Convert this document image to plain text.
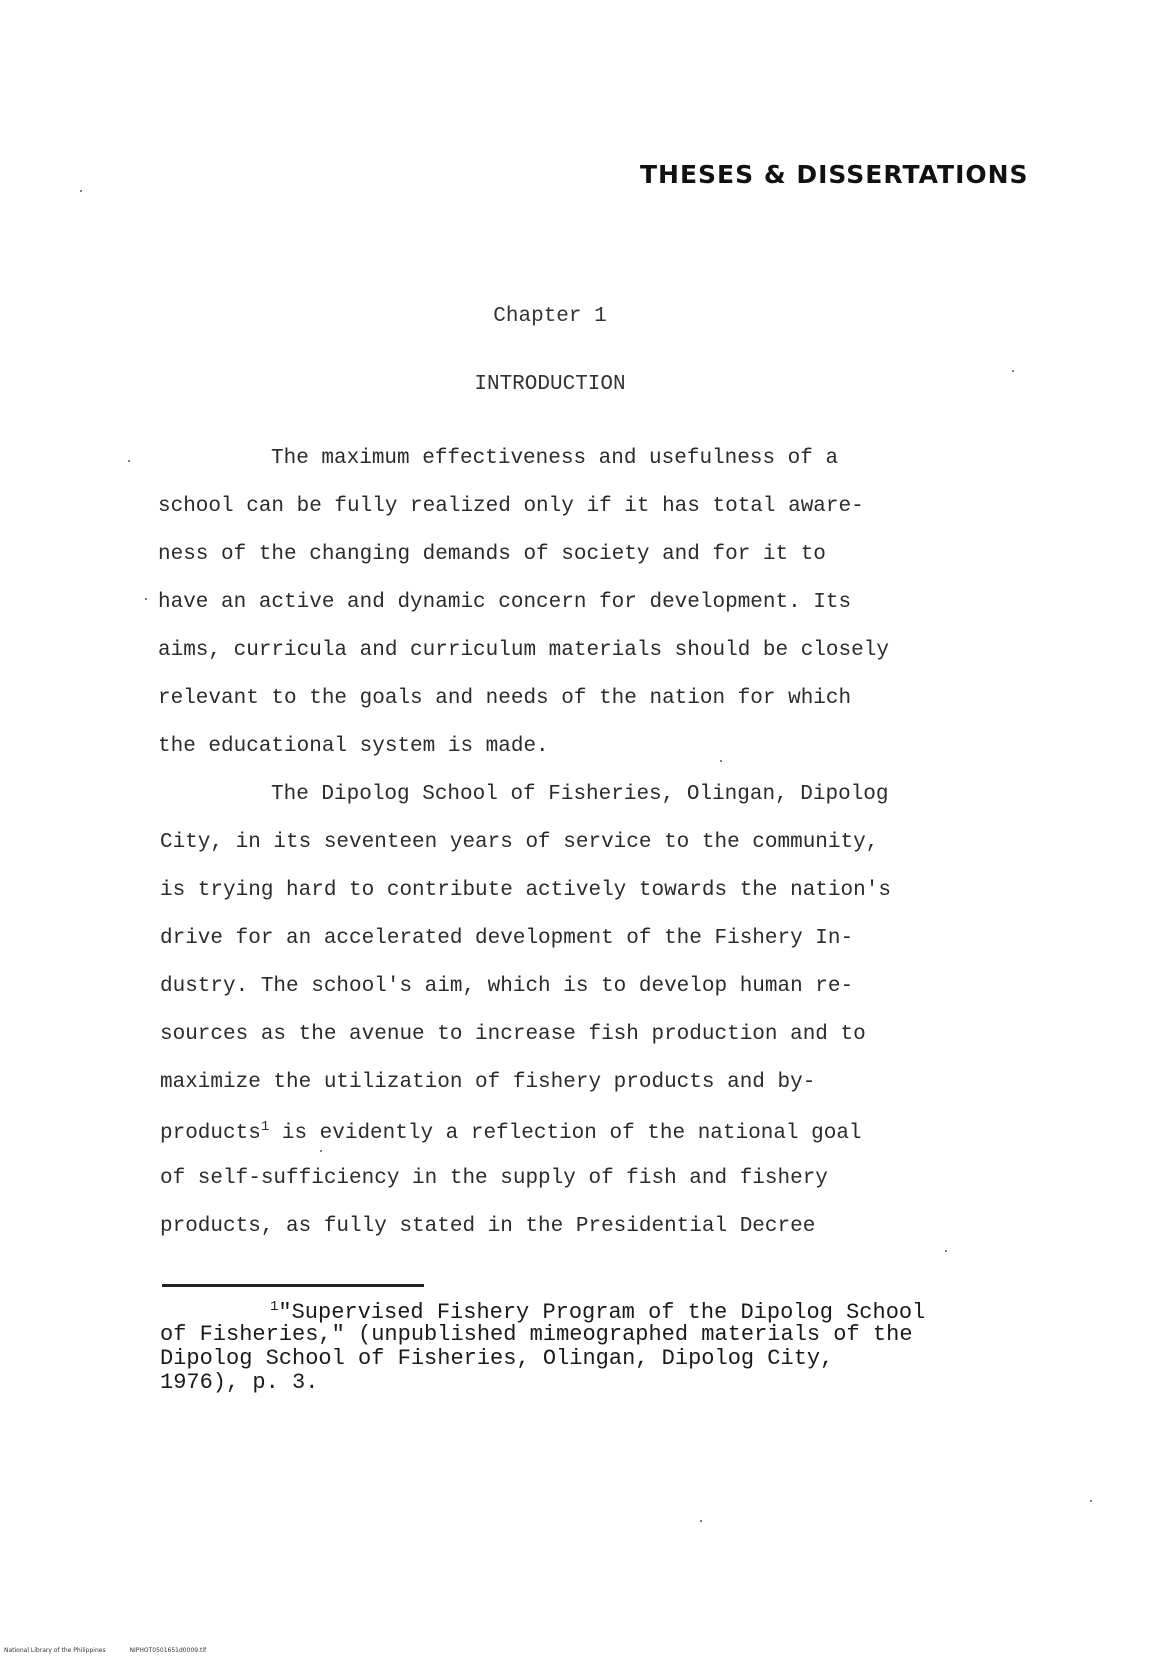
THESES & DISSERTATIONS
Chapter 1
INTRODUCTION
The maximum effectiveness and usefulness of a
school can be fully realized only if it has total aware-
ness of the changing demands of society and for it to
have an active and dynamic concern for development. Its
aims, curricula and curriculum materials should be closely
relevant to the goals and needs of the nation for which
the educational system is made.
The Dipolog School of Fisheries, Olingan, Dipolog
City, in its seventeen years of service to the community,
is trying hard to contribute actively towards the nation's
drive for an accelerated development of the Fishery In-
dustry. The school's aim, which is to develop human re-
sources as the avenue to increase fish production and to
maximize the utilization of fishery products and by-
products$^1$ is evidently a reflection of the national goal
of self-sufficiency in the supply of fish and fishery
products, as fully stated in the Presidential Decree
$^1$"Supervised Fishery Program of the Dipolog School
of Fisheries," (unpublished mimeographed materials of the
Dipolog School of Fisheries, Olingan, Dipolog City,
1976), p. 3.
National Library of the Philippines	NIPHOT0501651d0009.tif
